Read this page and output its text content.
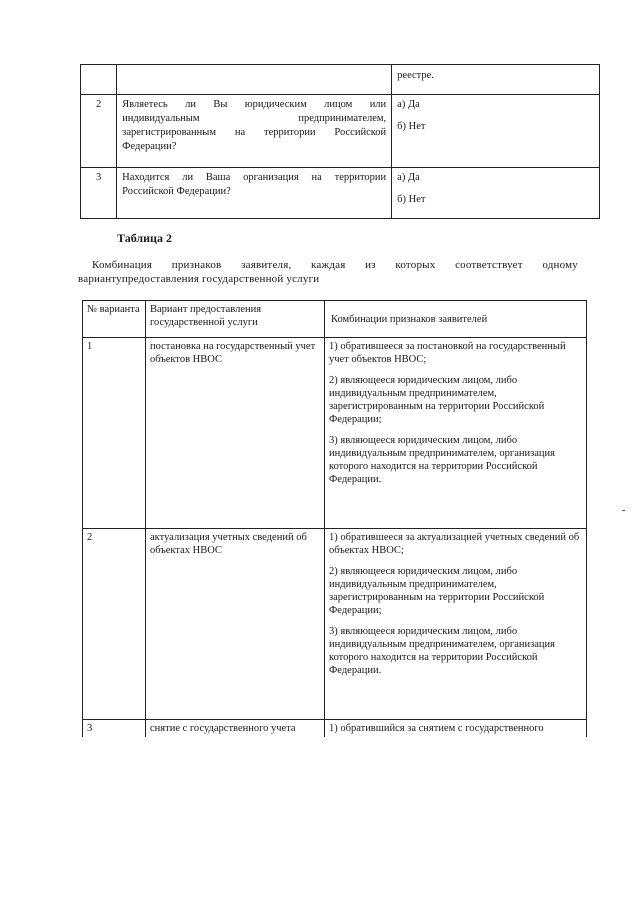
		реестре.

2	Являетесь ли Вы юридическим лицом или индивидуальным предпринимателем, зарегистрированным на территории Российской Федерации?	а) Да
б) Нет

3	Находится ли Ваша организация на территории Российской Федерации?	а) Да
б) Нет
Таблица 2
Комбинация признаков заявителя, каждая из которых соответствует одному вариантупредоставления государственной услуги
№ варианта	Вариант предоставления государственной услуги	Комбинации признаков заявителей
1	постановка на государственный учет объектов НВОС	1) обратившееся за постановкой на государственный учет объектов НВОС;
2) являющееся юридическим лицом, либо индивидуальным предпринимателем, зарегистрированным на территории Российской Федерации;
3) являющееся юридическим лицом, либо индивидуальным предпринимателем, организация которого находится на территории Российской Федерации.

2	актуализация учетных сведений об объектах НВОС	1) обратившееся за актуализацией учетных сведений об объектах НВОС;
2) являющееся юридическим лицом, либо индивидуальным предпринимателем, зарегистрированным на территории Российской Федерации;
3) являющееся юридическим лицом, либо индивидуальным предпринимателем, организация которого находится на территории Российской Федерации.

3	снятие с государственного учета	1) обратившийся за снятием с государственного
